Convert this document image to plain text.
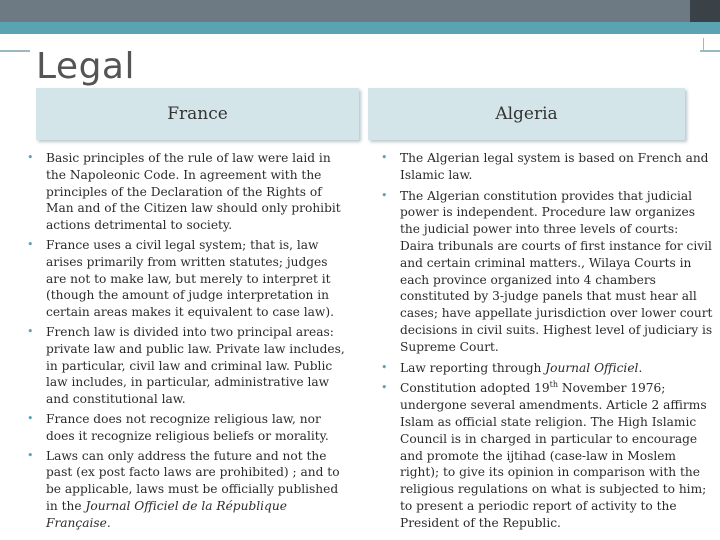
Legal
France	Algeria
• Basic principles of the rule of law were laid in the Napoleonic Code. In agreement with the principles of the Declaration of the Rights of Man and of the Citizen law should only prohibit actions detrimental to society.
• France uses a civil legal system; that is, law arises primarily from written statutes; judges are not to make law, but merely to interpret it (though the amount of judge interpretation in certain areas makes it equivalent to case law).
• French law is divided into two principal areas: private law and public law. Private law includes, in particular, civil law and criminal law. Public law includes, in particular, administrative law and constitutional law.
• France does not recognize religious law, nor does it recognize religious beliefs or morality.
• Laws can only address the future and not the past (ex post facto laws are prohibited) ; and to be applicable, laws must be officially published in the Journal Officiel de la République Française.
• The Algerian legal system is based on French and Islamic law.
• The Algerian constitution provides that judicial power is independent. Procedure law organizes the judicial power into three levels of courts: Daira tribunals are courts of first instance for civil and certain criminal matters., Wilaya Courts in each province organized into 4 chambers constituted by 3-judge panels that must hear all cases; have appellate jurisdiction over lower court decisions in civil suits. Highest level of judiciary is Supreme Court.
• Law reporting through Journal Officiel.
• Constitution adopted 19th November 1976; undergone several amendments. Article 2 affirms Islam as official state religion. The High Islamic Council is in charged in particular to encourage and promote the ijtihad (case-law in Moslem right); to give its opinion in comparison with the religious regulations on what is subjected to him; to present a periodic report of activity to the President of the Republic.
